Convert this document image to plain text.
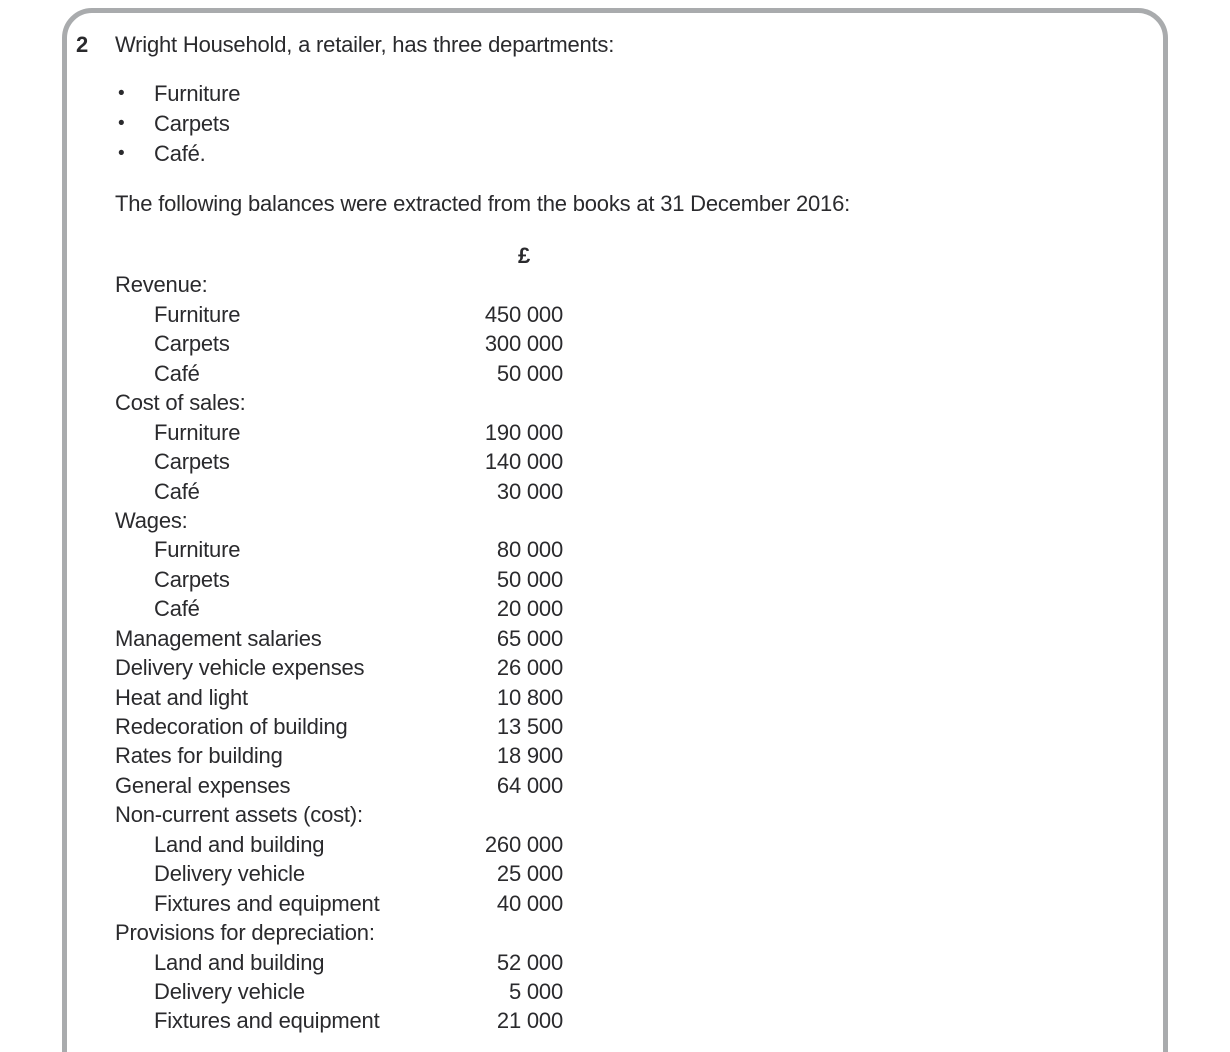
2 Wright Household, a retailer, has three departments:
•	Furniture
•	Carpets
•	Café.
The following balances were extracted from the books at 31 December 2016:
£
Revenue:
Furniture	450 000
Carpets	300 000
Café	50 000
Cost of sales:
Furniture	190 000
Carpets	140 000
Café	30 000
Wages:
Furniture	80 000
Carpets	50 000
Café	20 000
Management salaries	65 000
Delivery vehicle expenses	26 000
Heat and light	10 800
Redecoration of building	13 500
Rates for building	18 900
General expenses	64 000
Non-current assets (cost):
Land and building	260 000
Delivery vehicle	25 000
Fixtures and equipment	40 000
Provisions for depreciation:
Land and building	52 000
Delivery vehicle	5 000
Fixtures and equipment	21 000
